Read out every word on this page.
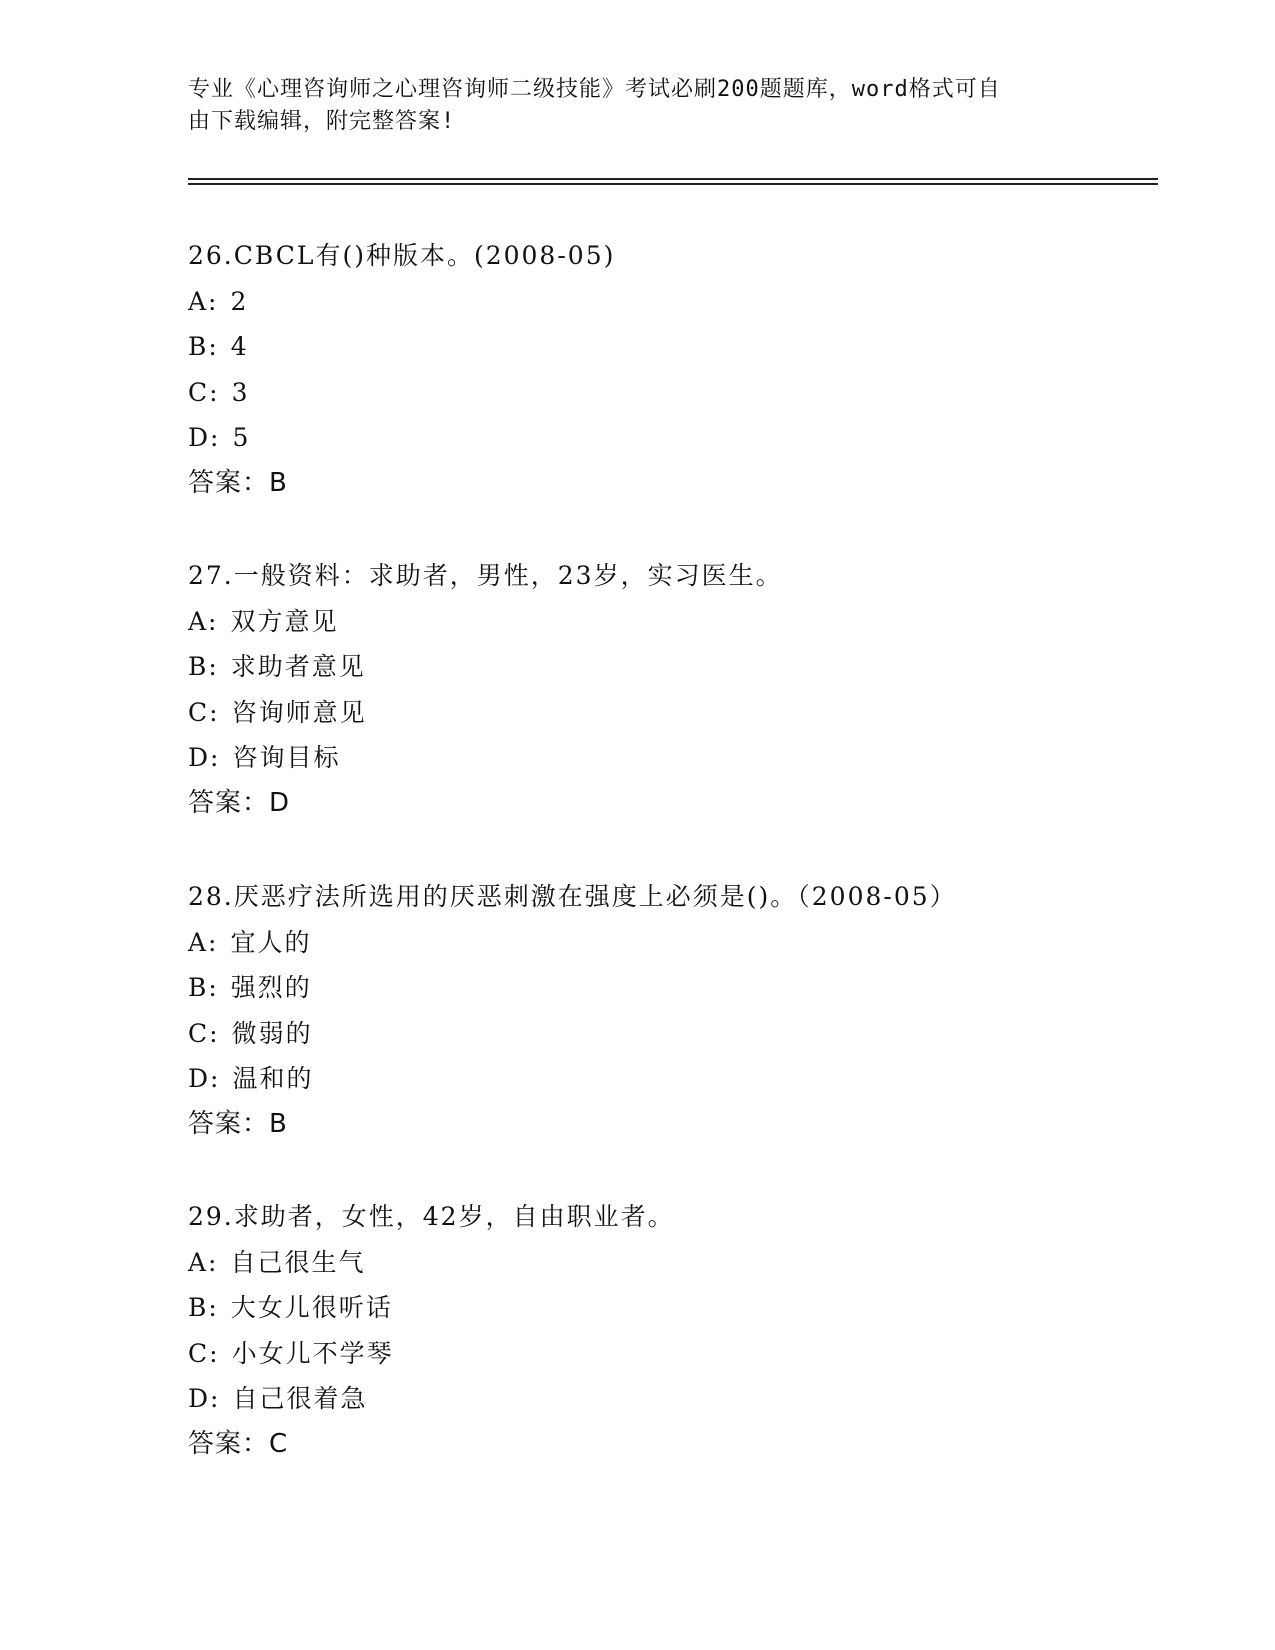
专业《心理咨询师之心理咨询师二级技能》考试必刷200题题库，word格式可自
由下载编辑，附完整答案!
26.CBCL有()种版本。(2008-05)
A: 2
B: 4
C: 3
D: 5
答案：B
27.一般资料：求助者，男性，23岁，实习医生。
A: 双方意见
B: 求助者意见
C: 咨询师意见
D: 咨询目标
答案：D
28.厌恶疗法所选用的厌恶刺激在强度上必须是()。（2008-05）
A: 宜人的
B: 强烈的
C: 微弱的
D: 温和的
答案：B
29.求助者，女性，42岁，自由职业者。
A: 自己很生气
B: 大女儿很听话
C: 小女儿不学琴
D: 自己很着急
答案：C
